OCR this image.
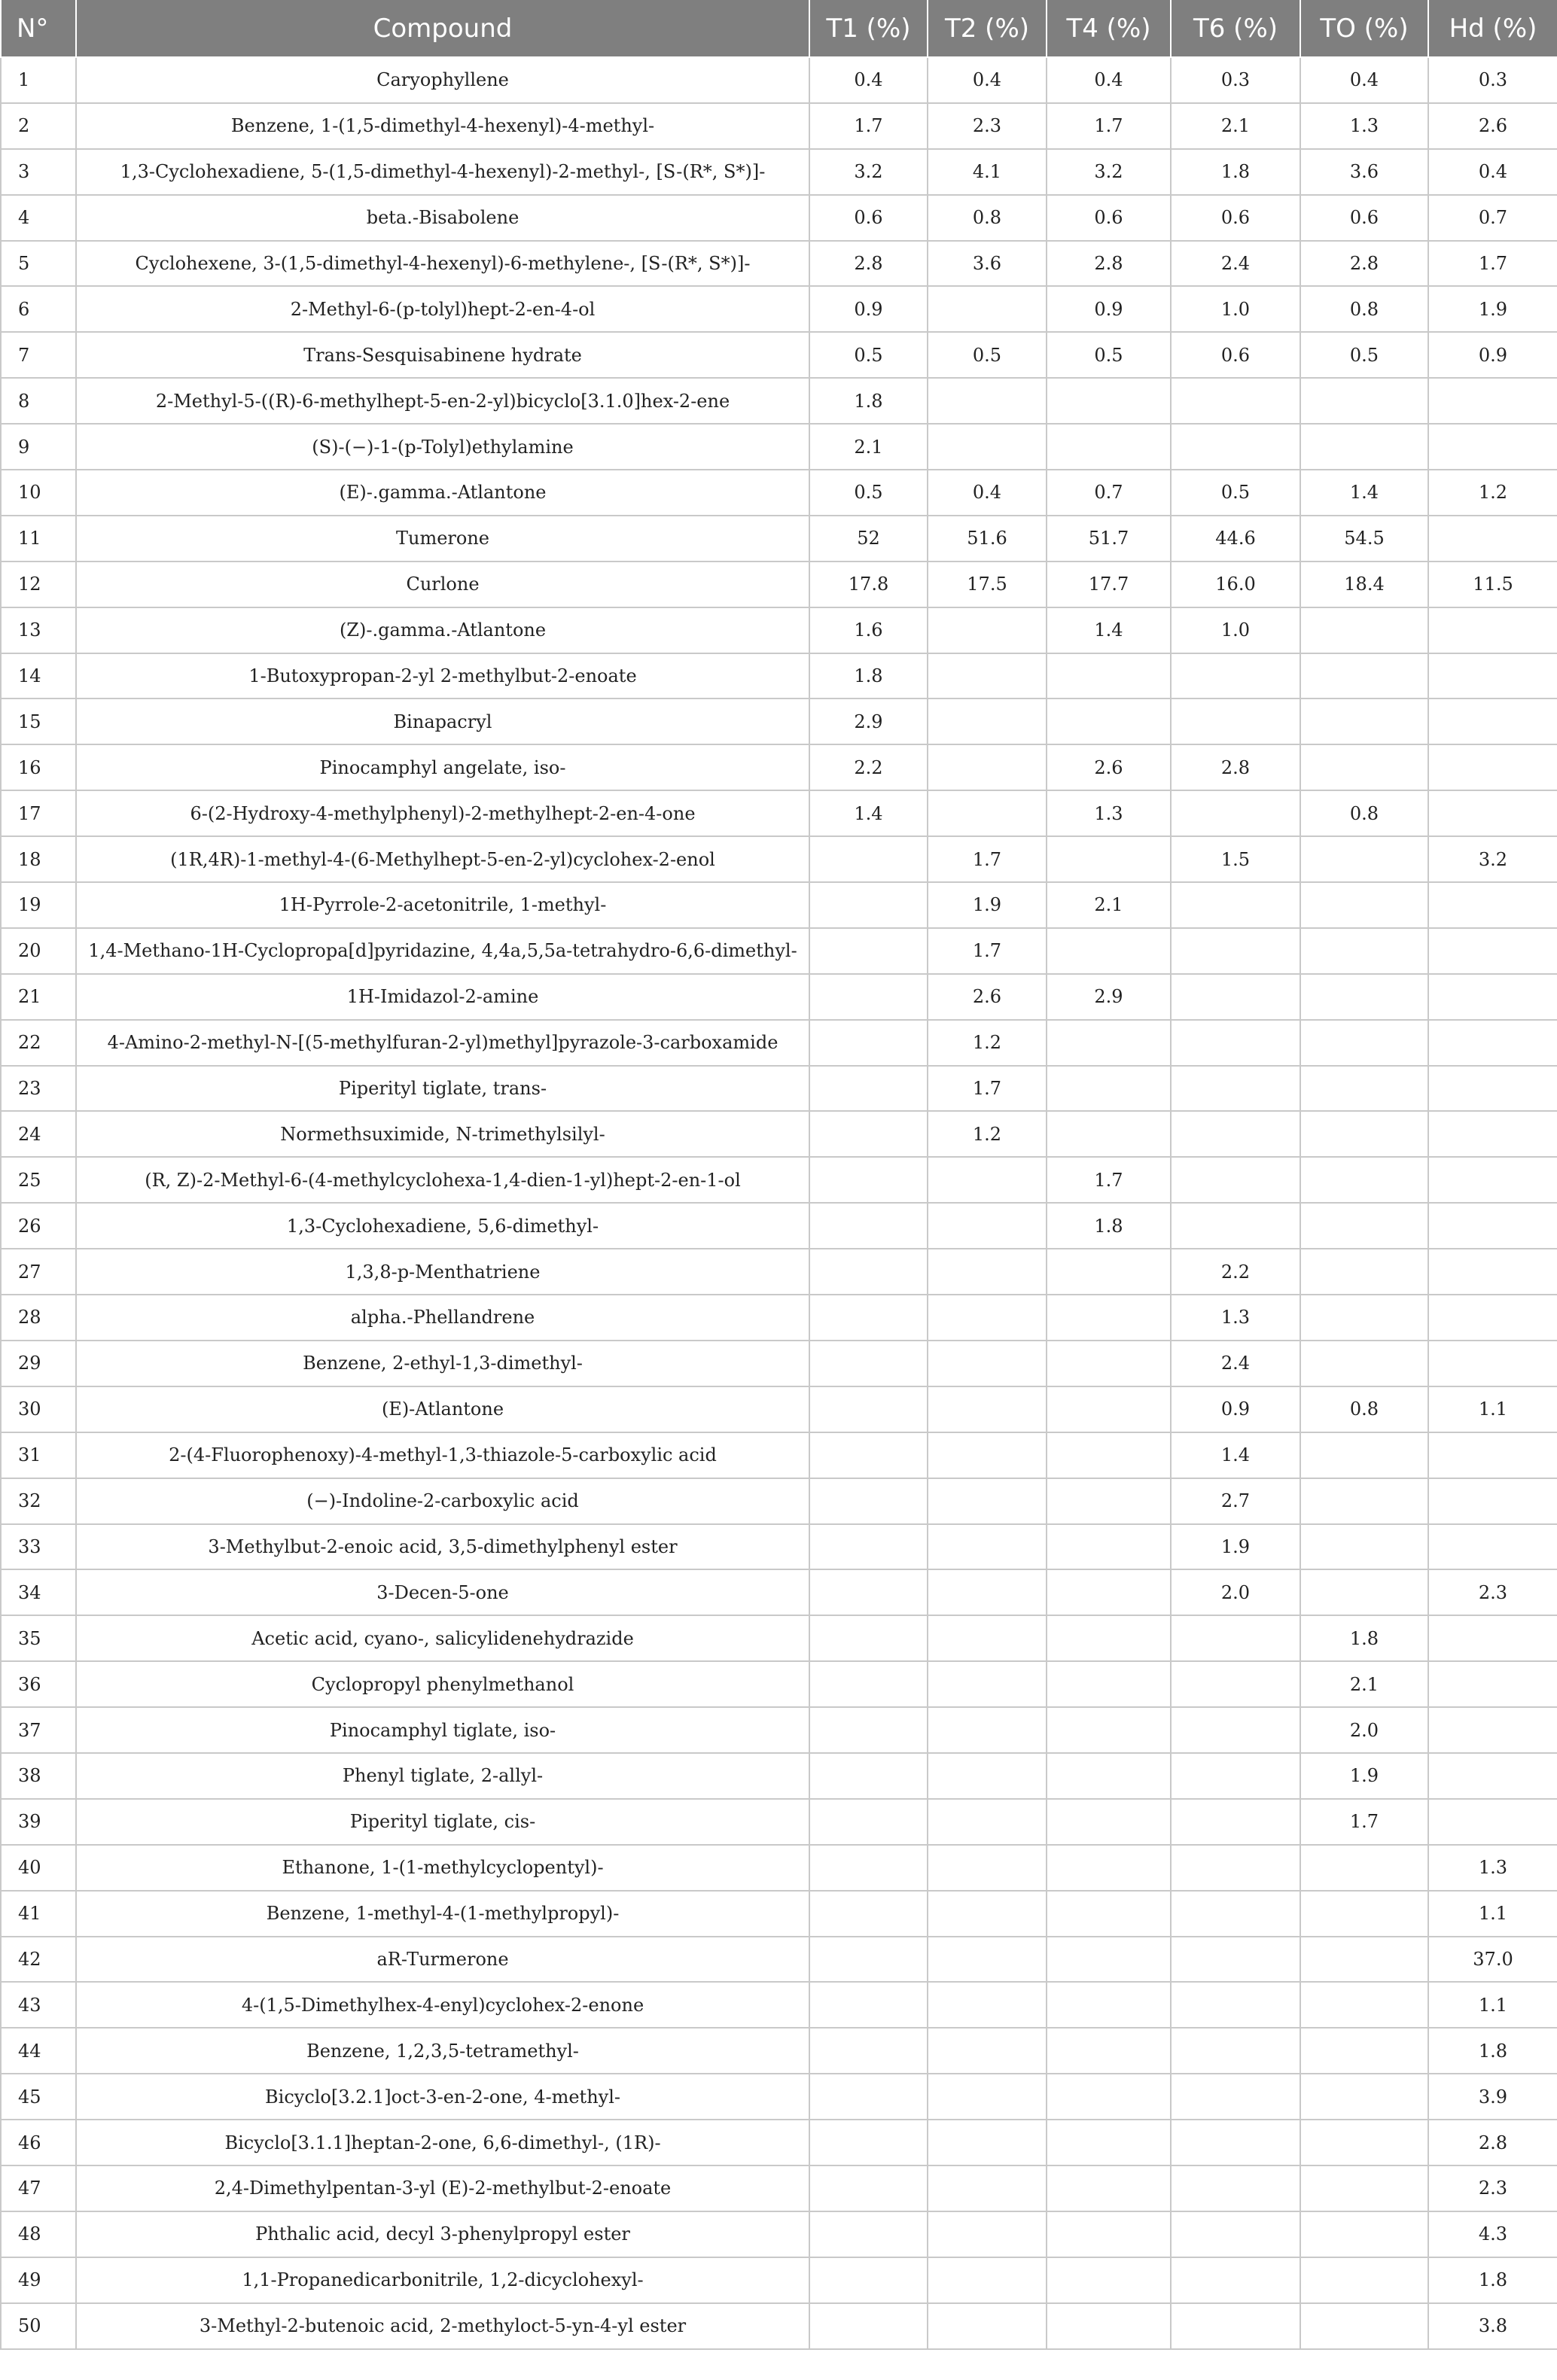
N°	Compound	T1 (%)	T2 (%)	T4 (%)	T6 (%)	TO (%)	Hd (%)
1	Caryophyllene	0.4	0.4	0.4	0.3	0.4	0.3
2	Benzene, 1-(1,5-dimethyl-4-hexenyl)-4-methyl-	1.7	2.3	1.7	2.1	1.3	2.6
3	1,3-Cyclohexadiene, 5-(1,5-dimethyl-4-hexenyl)-2-methyl-, [S-(R*, S*)]-	3.2	4.1	3.2	1.8	3.6	0.4
4	beta.-Bisabolene	0.6	0.8	0.6	0.6	0.6	0.7
5	Cyclohexene, 3-(1,5-dimethyl-4-hexenyl)-6-methylene-, [S-(R*, S*)]-	2.8	3.6	2.8	2.4	2.8	1.7
6	2-Methyl-6-(p-tolyl)hept-2-en-4-ol	0.9		0.9	1.0	0.8	1.9
7	Trans-Sesquisabinene hydrate	0.5	0.5	0.5	0.6	0.5	0.9
8	2-Methyl-5-((R)-6-methylhept-5-en-2-yl)bicyclo[3.1.0]hex-2-ene	1.8					
9	(S)-(−)-1-(p-Tolyl)ethylamine	2.1					
10	(E)-.gamma.-Atlantone	0.5	0.4	0.7	0.5	1.4	1.2
11	Tumerone	52	51.6	51.7	44.6	54.5	
12	Curlone	17.8	17.5	17.7	16.0	18.4	11.5
13	(Z)-.gamma.-Atlantone	1.6		1.4	1.0		
14	1-Butoxypropan-2-yl 2-methylbut-2-enoate	1.8					
15	Binapacryl	2.9					
16	Pinocamphyl angelate, iso-	2.2		2.6	2.8		
17	6-(2-Hydroxy-4-methylphenyl)-2-methylhept-2-en-4-one	1.4		1.3		0.8	
18	(1R,4R)-1-methyl-4-(6-Methylhept-5-en-2-yl)cyclohex-2-enol		1.7		1.5		3.2
19	1H-Pyrrole-2-acetonitrile, 1-methyl-		1.9	2.1			
20	1,4-Methano-1H-Cyclopropa[d]pyridazine, 4,4a,5,5a-tetrahydro-6,6-dimethyl-		1.7				
21	1H-Imidazol-2-amine		2.6	2.9			
22	4-Amino-2-methyl-N-[(5-methylfuran-2-yl)methyl]pyrazole-3-carboxamide		1.2				
23	Piperityl tiglate, trans-		1.7				
24	Normethsuximide, N-trimethylsilyl-		1.2				
25	(R, Z)-2-Methyl-6-(4-methylcyclohexa-1,4-dien-1-yl)hept-2-en-1-ol			1.7			
26	1,3-Cyclohexadiene, 5,6-dimethyl-			1.8			
27	1,3,8-p-Menthatriene				2.2		
28	alpha.-Phellandrene				1.3		
29	Benzene, 2-ethyl-1,3-dimethyl-				2.4		
30	(E)-Atlantone				0.9	0.8	1.1
31	2-(4-Fluorophenoxy)-4-methyl-1,3-thiazole-5-carboxylic acid				1.4		
32	(−)-Indoline-2-carboxylic acid				2.7		
33	3-Methylbut-2-enoic acid, 3,5-dimethylphenyl ester				1.9		
34	3-Decen-5-one				2.0		2.3
35	Acetic acid, cyano-, salicylidenehydrazide					1.8	
36	Cyclopropyl phenylmethanol					2.1	
37	Pinocamphyl tiglate, iso-					2.0	
38	Phenyl tiglate, 2-allyl-					1.9	
39	Piperityl tiglate, cis-					1.7	
40	Ethanone, 1-(1-methylcyclopentyl)-						1.3
41	Benzene, 1-methyl-4-(1-methylpropyl)-						1.1
42	aR-Turmerone						37.0
43	4-(1,5-Dimethylhex-4-enyl)cyclohex-2-enone						1.1
44	Benzene, 1,2,3,5-tetramethyl-						1.8
45	Bicyclo[3.2.1]oct-3-en-2-one, 4-methyl-						3.9
46	Bicyclo[3.1.1]heptan-2-one, 6,6-dimethyl-, (1R)-						2.8
47	2,4-Dimethylpentan-3-yl (E)-2-methylbut-2-enoate						2.3
48	Phthalic acid, decyl 3-phenylpropyl ester						4.3
49	1,1-Propanedicarbonitrile, 1,2-dicyclohexyl-						1.8
50	3-Methyl-2-butenoic acid, 2-methyloct-5-yn-4-yl ester						3.8
